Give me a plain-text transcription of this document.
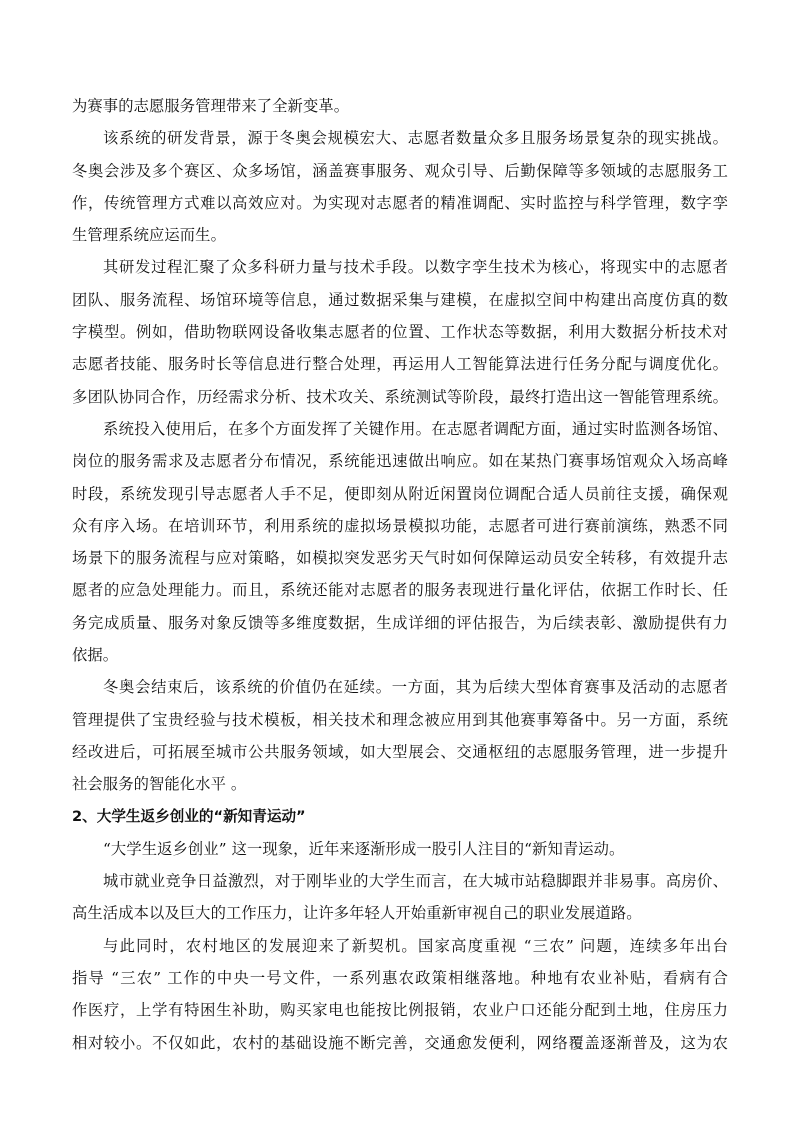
为赛事的志愿服务管理带来了全新变革。
该系统的研发背景，源于冬奥会规模宏大、志愿者数量众多且服务场景复杂的现实挑战。
冬奥会涉及多个赛区、众多场馆，涵盖赛事服务、观众引导、后勤保障等多领域的志愿服务工
作，传统管理方式难以高效应对。为实现对志愿者的精准调配、实时监控与科学管理，数字孪
生管理系统应运而生。
其研发过程汇聚了众多科研力量与技术手段。以数字孪生技术为核心，将现实中的志愿者
团队、服务流程、场馆环境等信息，通过数据采集与建模，在虚拟空间中构建出高度仿真的数
字模型。例如，借助物联网设备收集志愿者的位置、工作状态等数据，利用大数据分析技术对
志愿者技能、服务时长等信息进行整合处理，再运用人工智能算法进行任务分配与调度优化。
多团队协同合作，历经需求分析、技术攻关、系统测试等阶段，最终打造出这一智能管理系统。
系统投入使用后，在多个方面发挥了关键作用。在志愿者调配方面，通过实时监测各场馆、
岗位的服务需求及志愿者分布情况，系统能迅速做出响应。如在某热门赛事场馆观众入场高峰
时段，系统发现引导志愿者人手不足，便即刻从附近闲置岗位调配合适人员前往支援，确保观
众有序入场。在培训环节，利用系统的虚拟场景模拟功能，志愿者可进行赛前演练，熟悉不同
场景下的服务流程与应对策略，如模拟突发恶劣天气时如何保障运动员安全转移，有效提升志
愿者的应急处理能力。而且，系统还能对志愿者的服务表现进行量化评估，依据工作时长、任
务完成质量、服务对象反馈等多维度数据，生成详细的评估报告，为后续表彰、激励提供有力
依据。
冬奥会结束后，该系统的价值仍在延续。一方面，其为后续大型体育赛事及活动的志愿者
管理提供了宝贵经验与技术模板，相关技术和理念被应用到其他赛事筹备中。另一方面，系统
经改进后，可拓展至城市公共服务领域，如大型展会、交通枢纽的志愿服务管理，进一步提升
社会服务的智能化水平 。
2、大学生返乡创业的“新知青运动”
“大学生返乡创业” 这一现象，近年来逐渐形成一股引人注目的“新知青运动。
城市就业竞争日益激烈，对于刚毕业的大学生而言，在大城市站稳脚跟并非易事。高房价、
高生活成本以及巨大的工作压力，让许多年轻人开始重新审视自己的职业发展道路。
与此同时，农村地区的发展迎来了新契机。国家高度重视 “三农” 问题，连续多年出台
指导 “三农” 工作的中央一号文件，一系列惠农政策相继落地。种地有农业补贴，看病有合
作医疗，上学有特困生补助，购买家电也能按比例报销，农业户口还能分配到土地，住房压力
相对较小。不仅如此，农村的基础设施不断完善，交通愈发便利，网络覆盖逐渐普及，这为农
